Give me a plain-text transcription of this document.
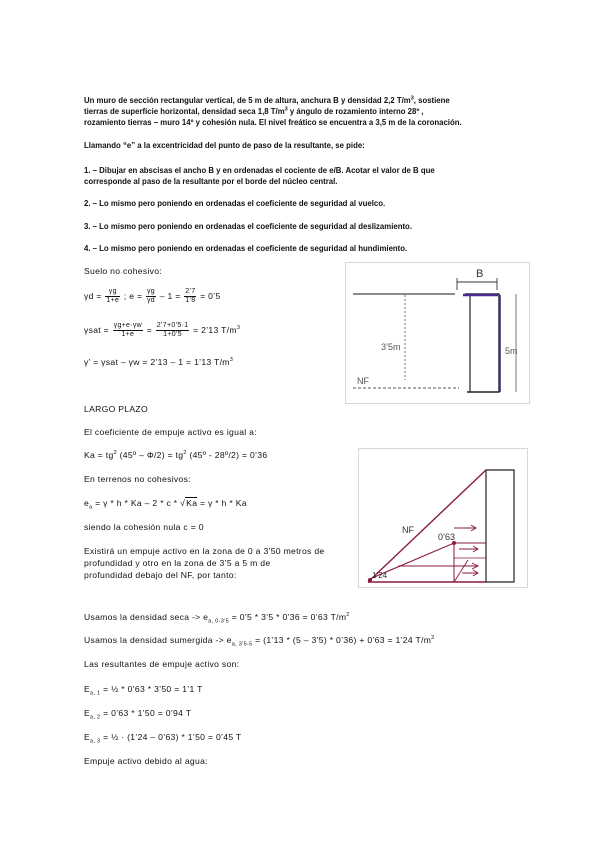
Un muro de sección rectangular vertical, de 5 m de altura, anchura B y densidad 2,2 $T/m^3$, sostiene
tierras de superficie horizontal, densidad seca 1,8 $T/m^3$ y ángulo de rozamiento interno 28º ,
rozamiento tierras – muro 14º y cohesión nula. El nivel freático se encuentra a 3,5 m de la coronación.
Llamando “e” a la excentricidad del punto de paso de la resultante, se pide:
1. – Dibujar en abscisas el ancho B y en ordenadas el cociente de e/B. Acotar el valor de B que
corresponde al paso de la resultante por el borde del núcleo central.
2. – Lo mismo pero poniendo en ordenadas el coeficiente de seguridad al vuelco.
3. – Lo mismo pero poniendo en ordenadas el coeficiente de seguridad al deslizamiento.
4. – Lo mismo pero poniendo en ordenadas el coeficiente de seguridad al hundimiento.
Suelo no cohesivo:
$\gamma d = \frac{\gamma g}{1+e}$ ; $e = \frac{\gamma g}{\gamma d} - 1 = \frac{2’7}{1’8}$ = 0’5
$\gamma sat = \frac{\gamma g+e\cdot\gamma w}{1+e} = \frac{2’7+0’5\cdot 1}{1+0’5}$ = 2’13 $T/m^3$
γ’ = γsat – γw = 2’13 – 1 = 1’13 $T/m^3$
LARGO PLAZO
El coeficiente de empuje activo es igual a:
$Ka = tg^2$ (45º – $\Phi/2) = tg^2$ (45º - 28º/2) = 0’36
En terrenos no cohesivos:
$e_a = \gamma * h * Ka - 2 * c * √Ka = \gamma * h * Ka$
siendo la cohesión nula c = 0
Existirá un empuje activo en la zona de 0 a 3’50 metros de
profundidad y otro en la zona de 3’5 a 5 m de
profundidad debajo del NF, por tanto:
Usamos la densidad $\sec a -> e_{a, 0-3’5}$ = 0’5 * 3’5 * 0’36 = 0’63 $T/m^2$
Usamos la densidad sumergida -> $e_{a, 3’5-5}$ = (1’13 * (5 – 3’5) * 0’36) + 0’63 = 1’24 $T/m^2$
Las resultantes de empuje activo son:
$E_{a, 1}$ = ½ * 0’63 * 3’50 = 1’1 T
$E_{a, 2}$ = 0’63 * 1’50 = 0’94 T
$E_{a, 3}$ = ½ · (1’24 – 0’63) * 1’50 = 0’45 T
Empuje activo debido al agua:
B
3’5m	5m
NF
NF
0’63
1’24
